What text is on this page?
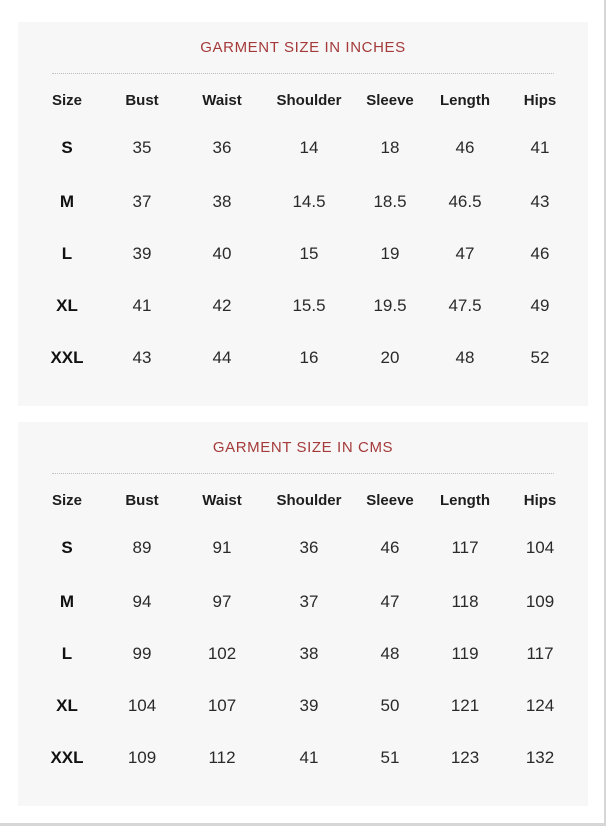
GARMENT SIZE IN INCHES
Size	Bust	Waist	Shoulder	Sleeve	Length	Hips
S	35	36	14	18	46	41
M	37	38	14.5	18.5	46.5	43
L	39	40	15	19	47	46
XL	41	42	15.5	19.5	47.5	49
XXL	43	44	16	20	48	52
GARMENT SIZE IN CMS
Size	Bust	Waist	Shoulder	Sleeve	Length	Hips
S	89	91	36	46	117	104
M	94	97	37	47	118	109
L	99	102	38	48	119	117
XL	104	107	39	50	121	124
XXL	109	112	41	51	123	132
